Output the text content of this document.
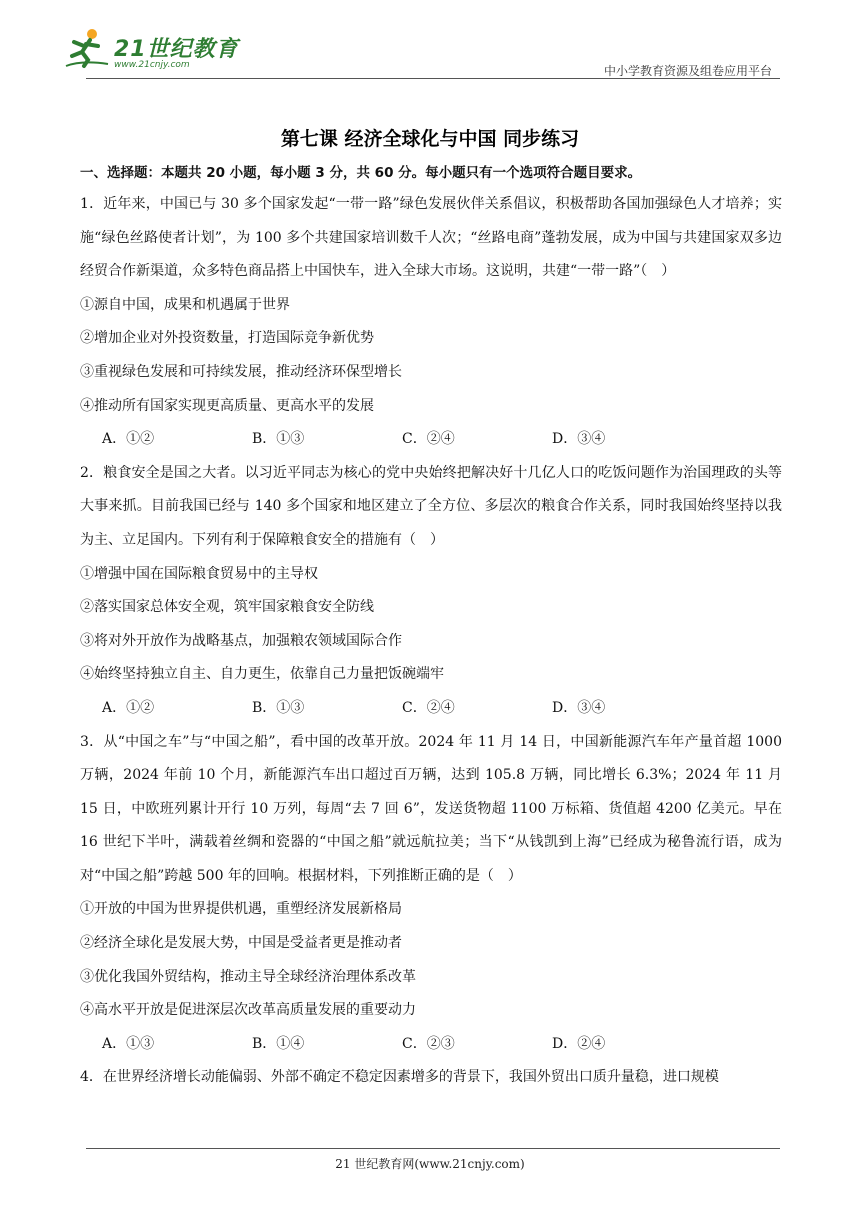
21世纪教育
www.21cnjy.com	中小学教育资源及组卷应用平台
第七课 经济全球化与中国 同步练习
一、选择题：本题共 20 小题，每小题 3 分，共 60 分。每小题只有一个选项符合题目要求。
1．近年来，中国已与 30 多个国家发起“一带一路”绿色发展伙伴关系倡议，积极帮助各国加强绿色人才培养；实施“绿色丝路使者计划”，为 100 多个共建国家培训数千人次；“丝路电商”蓬勃发展，成为中国与共建国家双多边经贸合作新渠道，众多特色商品搭上中国快车，进入全球大市场。这说明，共建“一带一路”（　）
①源自中国，成果和机遇属于世界
②增加企业对外投资数量，打造国际竞争新优势
③重视绿色发展和可持续发展，推动经济环保型增长
④推动所有国家实现更高质量、更高水平的发展
A．①②	B．①③	C．②④	D．③④
2．粮食安全是国之大者。以习近平同志为核心的党中央始终把解决好十几亿人口的吃饭问题作为治国理政的头等大事来抓。目前我国已经与 140 多个国家和地区建立了全方位、多层次的粮食合作关系，同时我国始终坚持以我为主、立足国内。下列有利于保障粮食安全的措施有（　）
①增强中国在国际粮食贸易中的主导权
②落实国家总体安全观，筑牢国家粮食安全防线
③将对外开放作为战略基点，加强粮农领域国际合作
④始终坚持独立自主、自力更生，依靠自己力量把饭碗端牢
A．①②	B．①③	C．②④	D．③④
3．从“中国之车”与“中国之船”，看中国的改革开放。2024 年 11 月 14 日，中国新能源汽车年产量首超 1000 万辆，2024 年前 10 个月，新能源汽车出口超过百万辆，达到 105.8 万辆，同比增长 6.3%；2024 年 11 月 15 日，中欧班列累计开行 10 万列，每周“去 7 回 6”，发送货物超 1100 万标箱、货值超 4200 亿美元。早在 16 世纪下半叶，满载着丝绸和瓷器的“中国之船”就远航拉美；当下“从钱凯到上海”已经成为秘鲁流行语，成为对“中国之船”跨越 500 年的回响。根据材料，下列推断正确的是（　）
①开放的中国为世界提供机遇，重塑经济发展新格局
②经济全球化是发展大势，中国是受益者更是推动者
③优化我国外贸结构，推动主导全球经济治理体系改革
④高水平开放是促进深层次改革高质量发展的重要动力
A．①③	B．①④	C．②③	D．②④
4．在世界经济增长动能偏弱、外部不确定不稳定因素增多的背景下，我国外贸出口质升量稳，进口规模
21 世纪教育网(www.21cnjy.com)
